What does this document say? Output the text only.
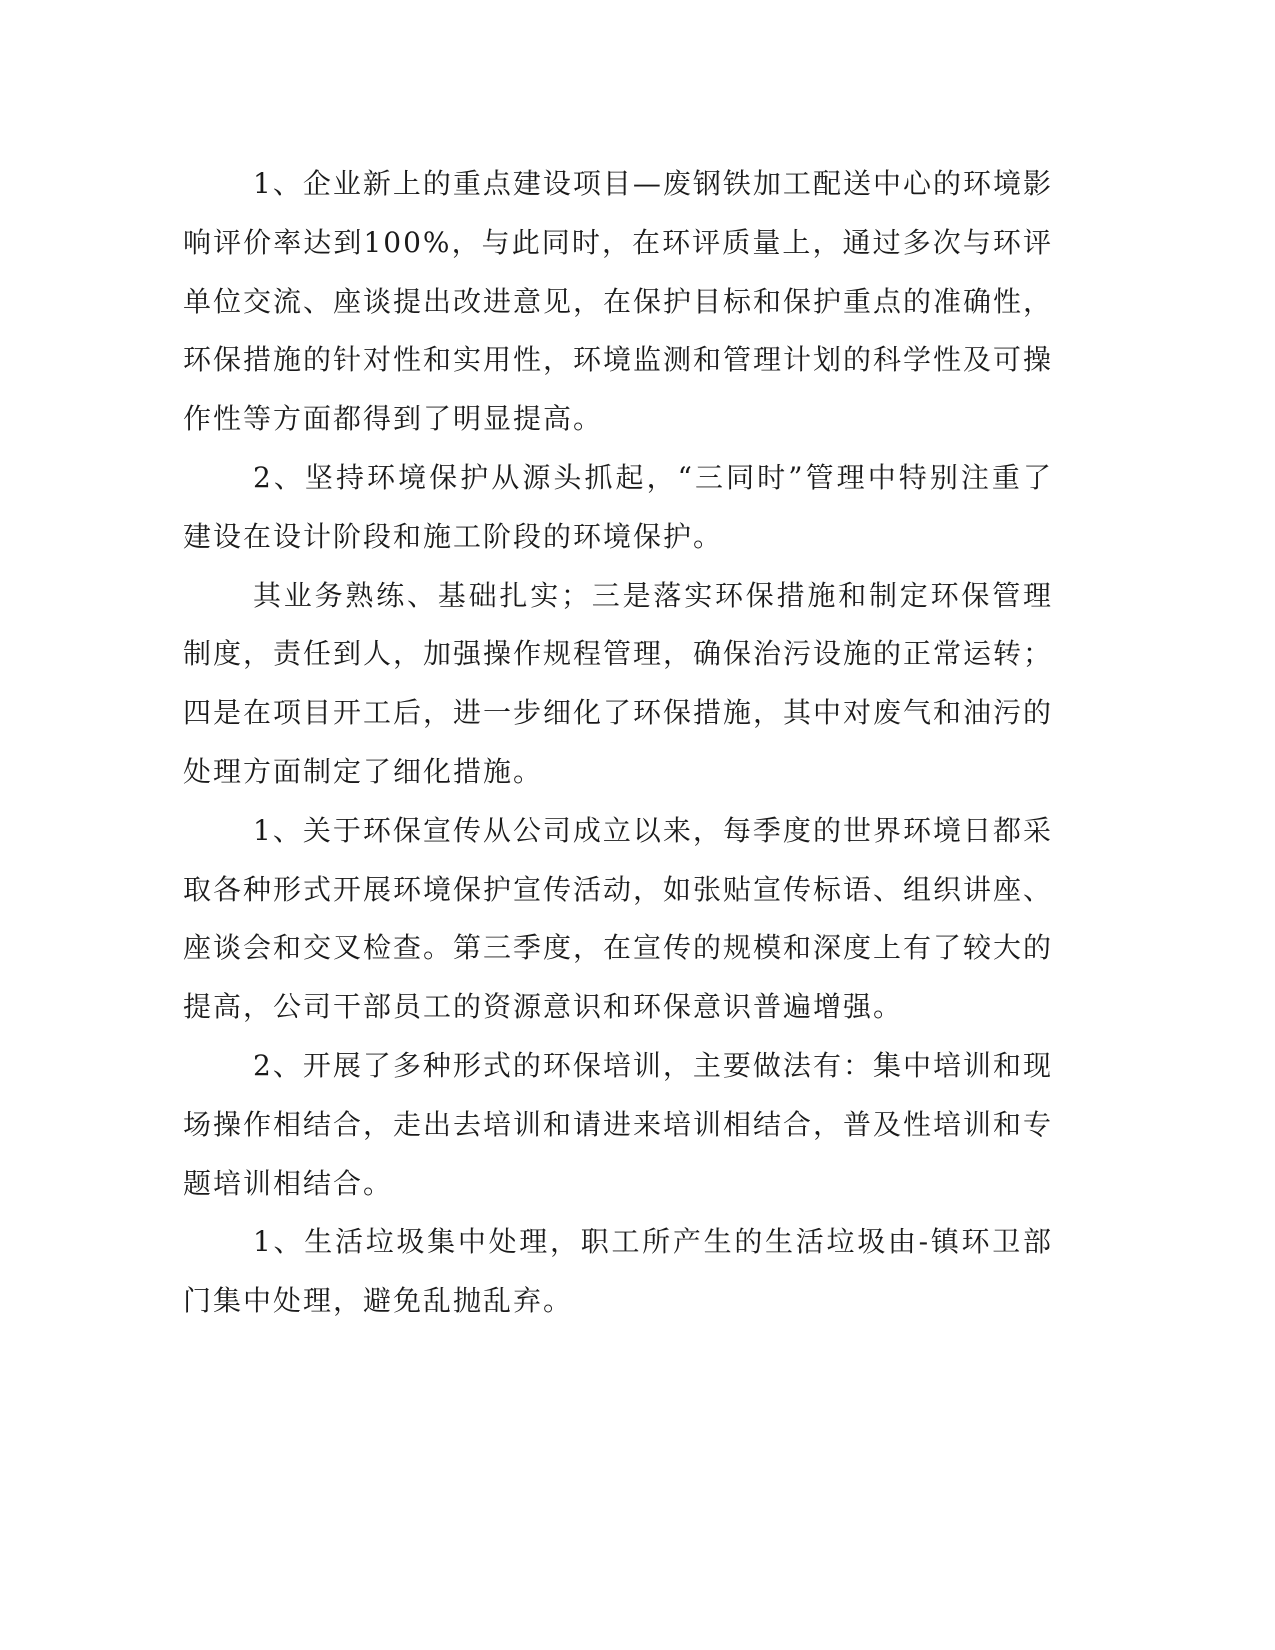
1、企业新上的重点建设项目—废钢铁加工配送中心的环境影响评价率达到100%，与此同时，在环评质量上，通过多次与环评单位交流、座谈提出改进意见，在保护目标和保护重点的准确性，环保措施的针对性和实用性，环境监测和管理计划的科学性及可操作性等方面都得到了明显提高。

2、坚持环境保护从源头抓起，“三同时”管理中特别注重了建设在设计阶段和施工阶段的环境保护。

其业务熟练、基础扎实；三是落实环保措施和制定环保管理制度，责任到人，加强操作规程管理，确保治污设施的正常运转；四是在项目开工后，进一步细化了环保措施，其中对废气和油污的处理方面制定了细化措施。

1、关于环保宣传从公司成立以来，每季度的世界环境日都采取各种形式开展环境保护宣传活动，如张贴宣传标语、组织讲座、座谈会和交叉检查。第三季度，在宣传的规模和深度上有了较大的提高，公司干部员工的资源意识和环保意识普遍增强。

2、开展了多种形式的环保培训，主要做法有：集中培训和现场操作相结合，走出去培训和请进来培训相结合，普及性培训和专题培训相结合。

1、生活垃圾集中处理，职工所产生的生活垃圾由-镇环卫部门集中处理，避免乱抛乱弃。
